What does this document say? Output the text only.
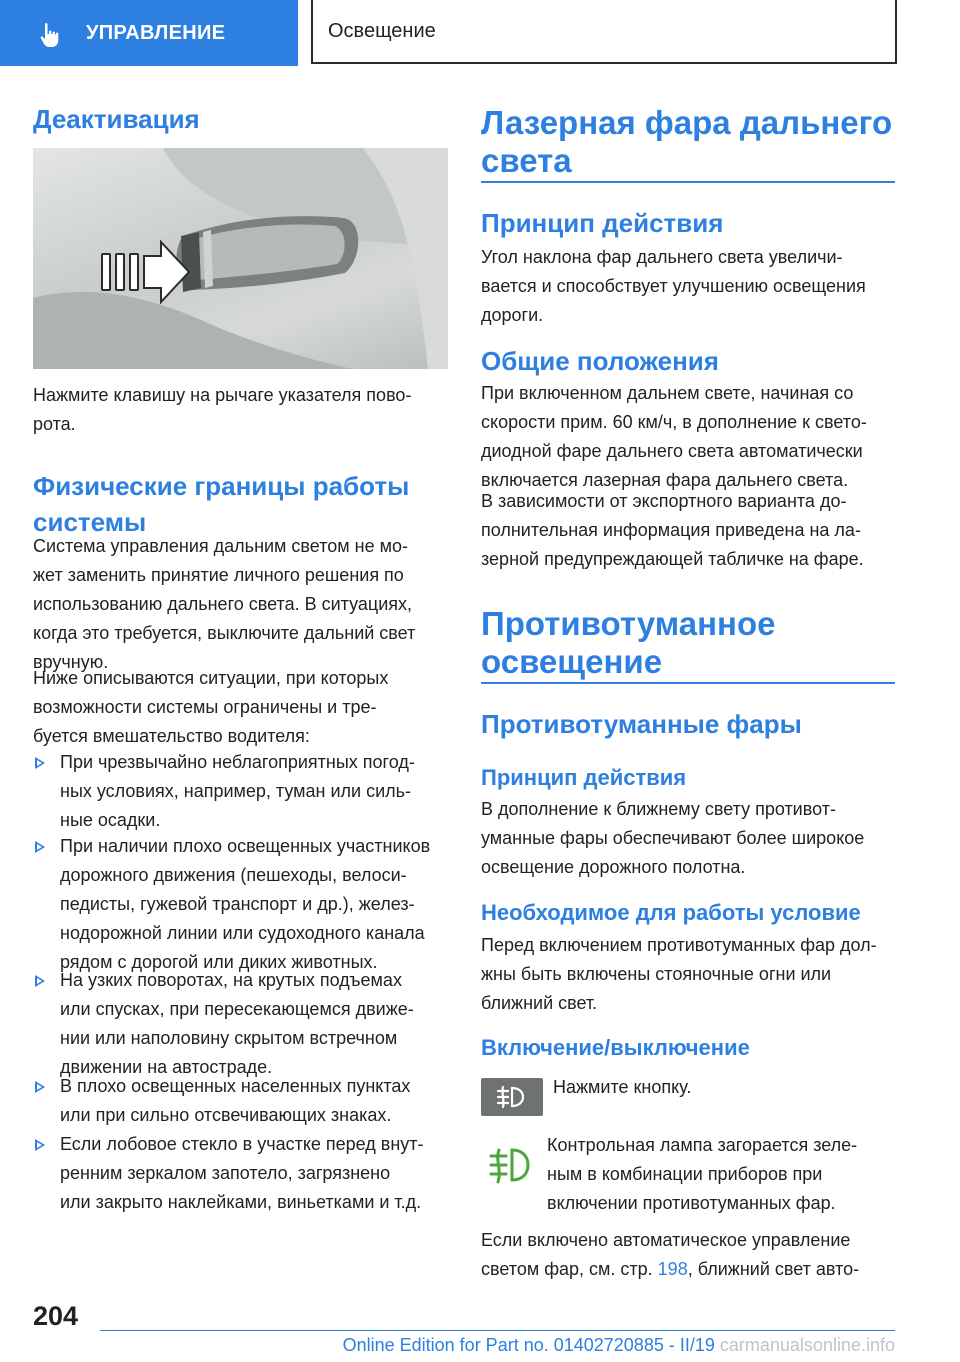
УПРАВЛЕНИЕ	Освещение
Деактивация
Нажмите клавишу на рычаге указателя пово-
рота.
Физические границы работы
системы
Система управления дальним светом не мо-
жет заменить принятие личного решения по
использованию дальнего света. В ситуациях,
когда это требуется, выключите дальний свет
вручную.
Ниже описываются ситуации, при которых
возможности системы ограничены и тре-
буется вмешательство водителя:
При чрезвычайно неблагоприятных погод-
ных условиях, например, туман или силь-
ные осадки.
При наличии плохо освещенных участников
дорожного движения (пешеходы, велоси-
педисты, гужевой транспорт и др.), желез-
нодорожной линии или судоходного канала
рядом с дорогой или диких животных.
На узких поворотах, на крутых подъемах
или спусках, при пересекающемся движе-
нии или наполовину скрытом встречном
движении на автостраде.
В плохо освещенных населенных пунктах
или при сильно отсвечивающих знаках.
Если лобовое стекло в участке перед внут-
ренним зеркалом запотело, загрязнено
или закрыто наклейками, виньетками и т.д.
Лазерная фара дальнего
света
Принцип действия
Угол наклона фар дальнего света увеличи-
вается и способствует улучшению освещения
дороги.
Общие положения
При включенном дальнем свете, начиная со
скорости прим. 60 км/ч, в дополнение к свето-
диодной фаре дальнего света автоматически
включается лазерная фара дальнего света.
В зависимости от экспортного варианта до-
полнительная информация приведена на ла-
зерной предупреждающей табличке на фаре.
Противотуманное
освещение
Противотуманные фары
Принцип действия
В дополнение к ближнему свету противот-
уманные фары обеспечивают более широкое
освещение дорожного полотна.
Необходимое для работы условие
Перед включением противотуманных фар дол-
жны быть включены стояночные огни или
ближний свет.
Включение/выключение
Нажмите кнопку.
Контрольная лампа загорается зеле-
ным в комбинации приборов при
включении противотуманных фар.
Если включено автоматическое управление
светом фар, см. стр. 198, ближний свет авто-
204
Online Edition for Part no. 01402720885 - II/19 carmanualsonline.info
